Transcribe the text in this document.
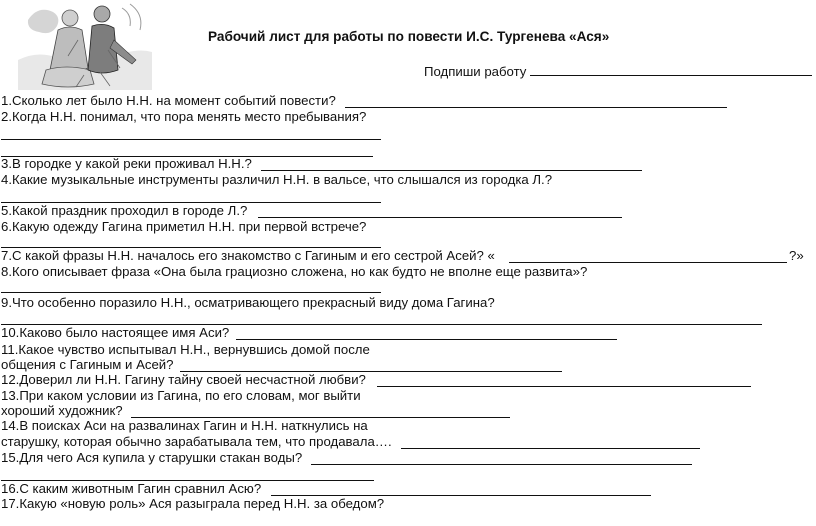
Рабочий лист для работы по повести И.С. Тургенева «Ася»
Подпиши работу
1.Сколько лет было Н.Н. на момент событий повести?
2.Когда Н.Н. понимал, что пора менять место пребывания?
3.В городке у какой реки проживал Н.Н.?
4.Какие музыкальные инструменты различил Н.Н. в вальсе, что слышался из городка Л.?
5.Какой праздник проходил в городе Л.?
6.Какую одежду Гагина приметил Н.Н. при первой встрече?
7.С какой фразы Н.Н. началось его знакомство с Гагиным и его сестрой Асей? «	?»
8.Кого описывает фраза «Она была грациозно сложена, но как будто не вполне еще развита»?
9.Что особенно поразило Н.Н., осматривающего прекрасный виду дома Гагина?
10.Каково было настоящее имя Аси?
11.Какое чувство испытывал Н.Н., вернувшись домой после
общения с Гагиным и Асей?
12.Доверил ли Н.Н. Гагину тайну своей несчастной любви?
13.При каком условии из Гагина, по его словам, мог выйти
хороший художник?
14.В поисках Аси на развалинах Гагин и Н.Н. наткнулись на
старушку, которая обычно зарабатывала тем, что продавала….
15.Для чего Ася купила у старушки стакан воды?
16.С каким животным Гагин сравнил Асю?
17.Какую «новую роль» Ася разыграла перед Н.Н. за обедом?
